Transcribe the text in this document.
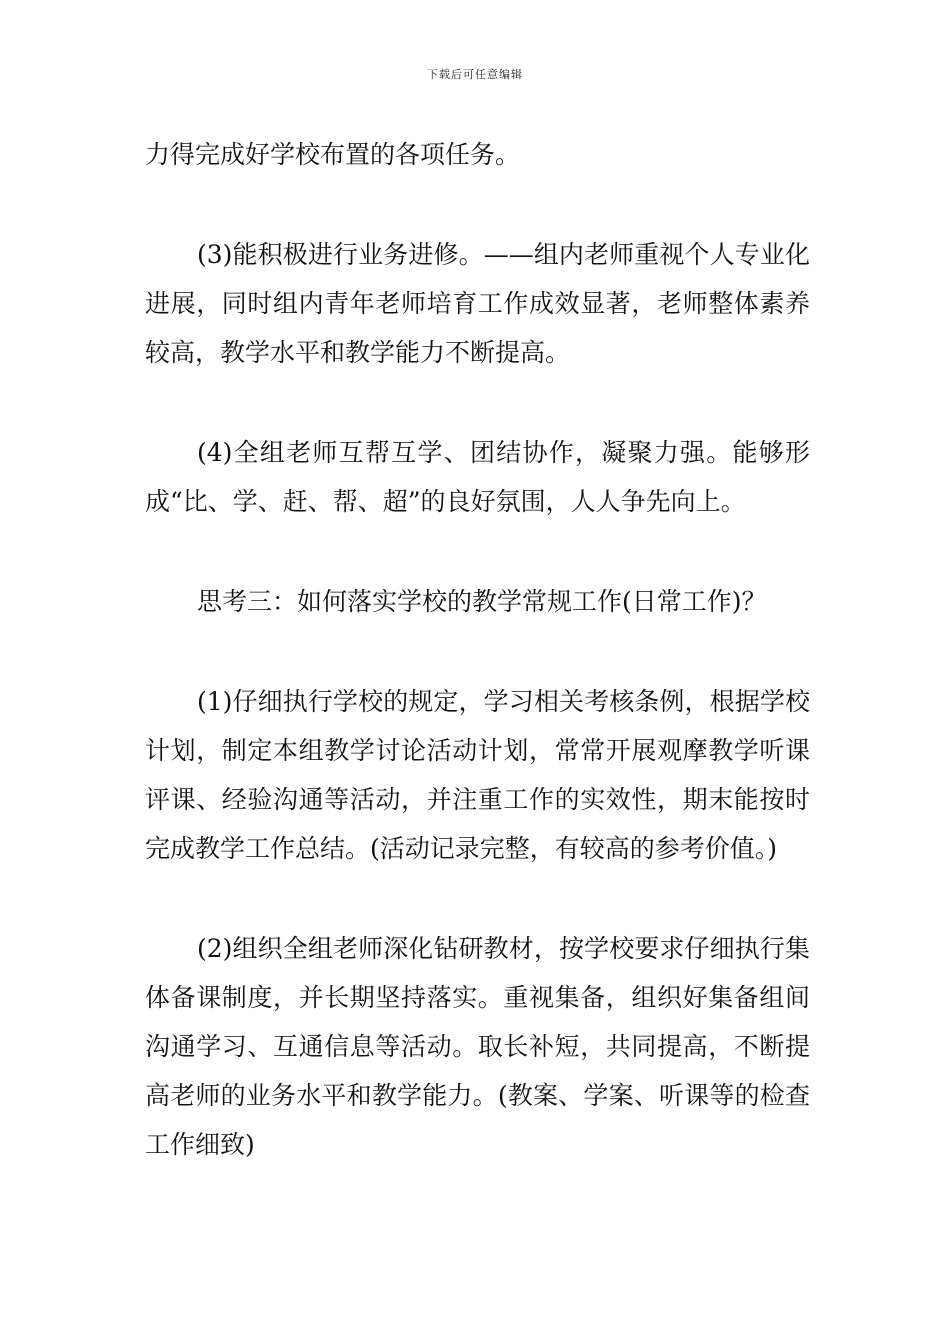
下载后可任意编辑

力得完成好学校布置的各项任务。

(3)能积极进行业务进修。——组内老师重视个人专业化进展，同时组内青年老师培育工作成效显著，老师整体素养较高，教学水平和教学能力不断提高。

(4)全组老师互帮互学、团结协作，凝聚力强。能够形成“比、学、赶、帮、超”的良好氛围，人人争先向上。

思考三：如何落实学校的教学常规工作(日常工作)？

(1)仔细执行学校的规定，学习相关考核条例，根据学校计划，制定本组教学讨论活动计划，常常开展观摩教学听课评课、经验沟通等活动，并注重工作的实效性，期末能按时完成教学工作总结。(活动记录完整，有较高的参考价值。)

(2)组织全组老师深化钻研教材，按学校要求仔细执行集体备课制度，并长期坚持落实。重视集备，组织好集备组间沟通学习、互通信息等活动。取长补短，共同提高，不断提高老师的业务水平和教学能力。(教案、学案、听课等的检查工作细致)
